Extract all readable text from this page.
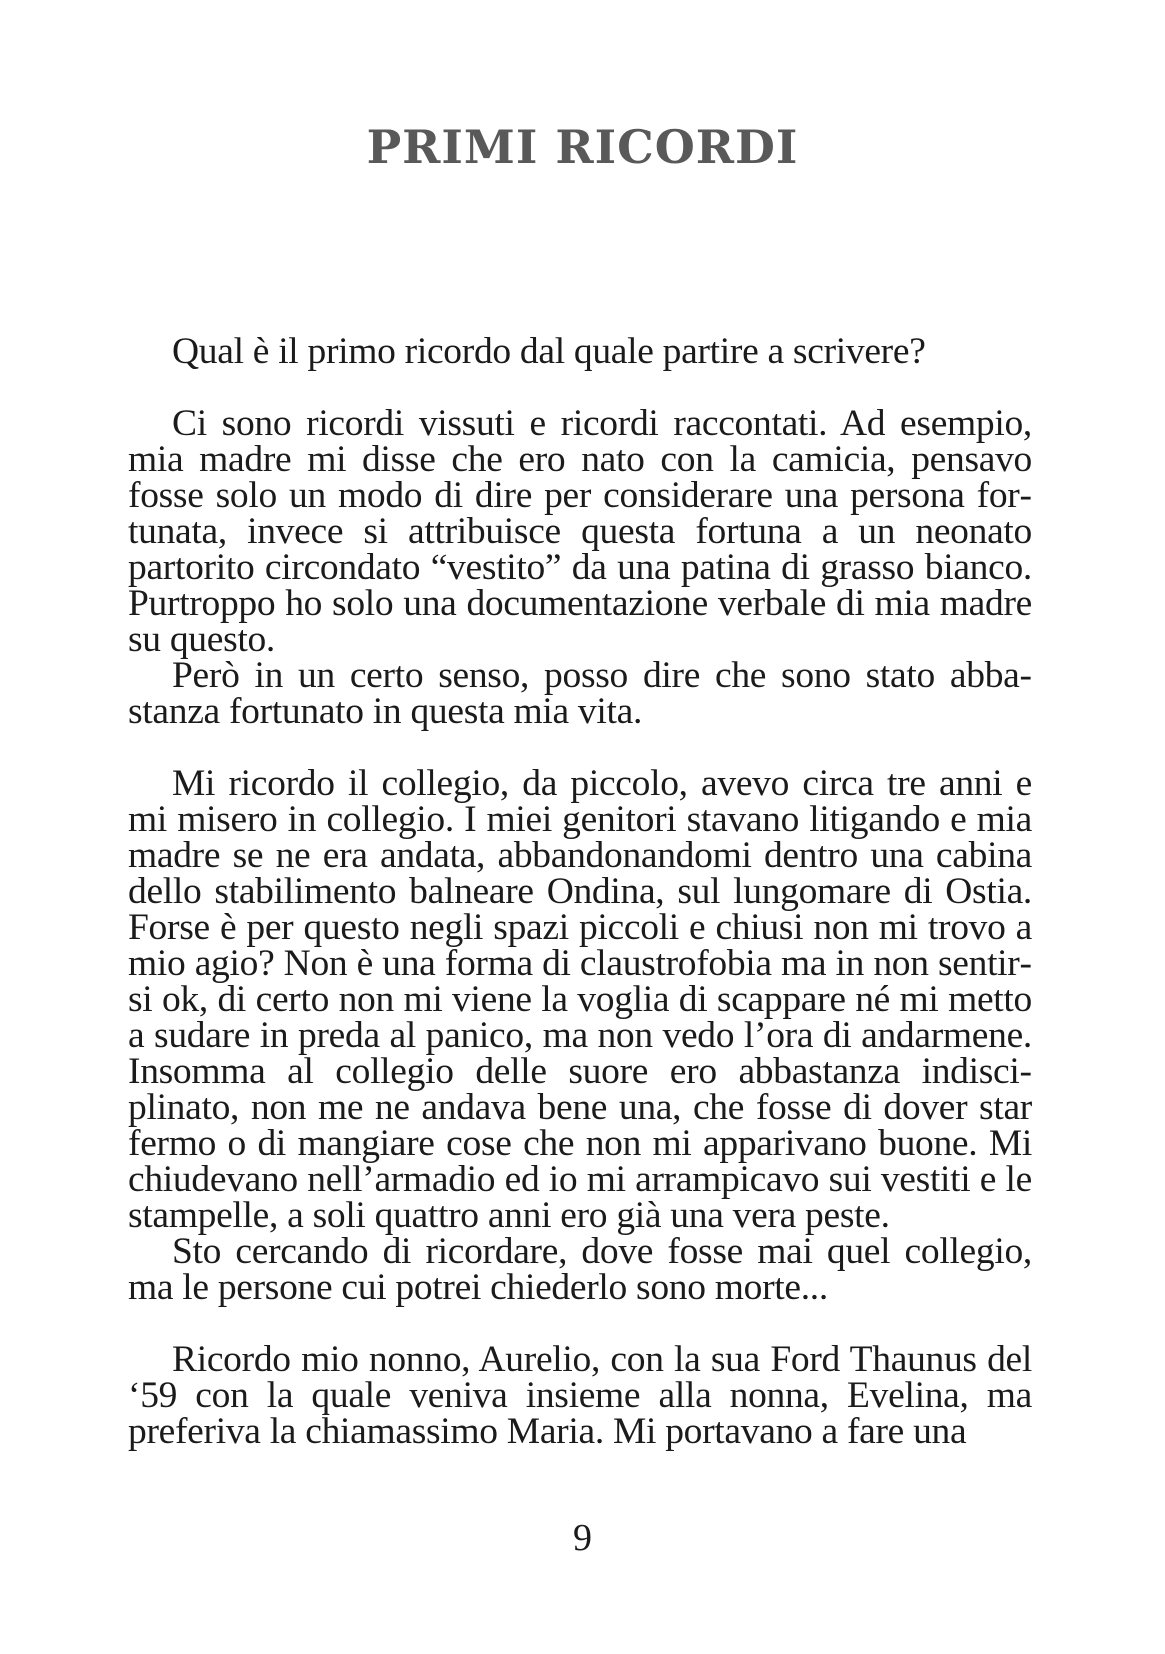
PRIMI RICORDI

Qual è il primo ricordo dal quale partire a scrivere?

Ci sono ricordi vissuti e ricordi raccontati. Ad esempio, mia madre mi disse che ero nato con la camicia, pensavo fosse solo un modo di dire per considerare una persona fortunata, invece si attribuisce questa fortuna a un neonato partorito circondato “vestito” da una patina di grasso bianco. Purtroppo ho solo una documentazione verbale di mia madre su questo.

Però in un certo senso, posso dire che sono stato abbastanza fortunato in questa mia vita.

Mi ricordo il collegio, da piccolo, avevo circa tre anni e mi misero in collegio. I miei genitori stavano litigando e mia madre se ne era andata, abbandonandomi dentro una cabina dello stabilimento balneare Ondina, sul lungomare di Ostia. Forse è per questo negli spazi piccoli e chiusi non mi trovo a mio agio? Non è una forma di claustrofobia ma in non sentirsi ok, di certo non mi viene la voglia di scappare né mi metto a sudare in preda al panico, ma non vedo l’ora di andarmene. Insomma al collegio delle suore ero abbastanza indisciplinato, non me ne andava bene una, che fosse di dover star fermo o di mangiare cose che non mi apparivano buone. Mi chiudevano nell’armadio ed io mi arrampicavo sui vestiti e le stampelle, a soli quattro anni ero già una vera peste.

Sto cercando di ricordare, dove fosse mai quel collegio, ma le persone cui potrei chiederlo sono morte...

Ricordo mio nonno, Aurelio, con la sua Ford Thaunus del ‘59 con la quale veniva insieme alla nonna, Evelina, ma preferiva la chiamassimo Maria. Mi portavano a fare una

9
